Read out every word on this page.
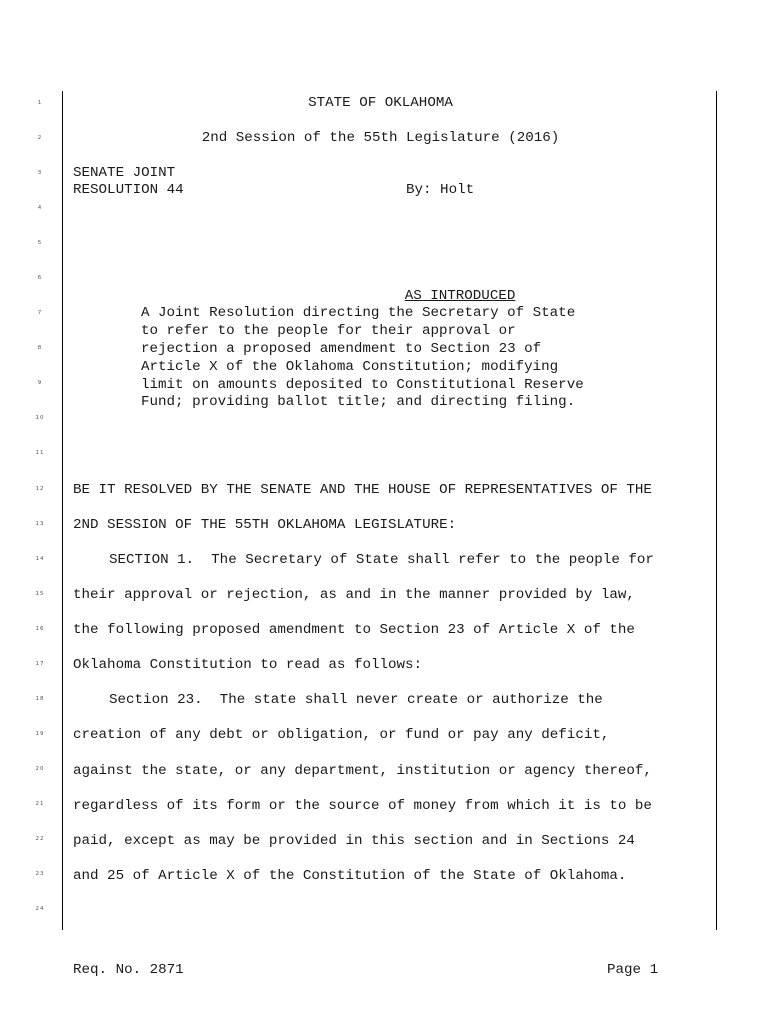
1
2
3
4
5
6
7
8
9
10
11
12
13
14
15
16
17
18
19
20
21
22
23
24
STATE OF OKLAHOMA
2nd Session of the 55th Legislature (2016)
SENATE JOINT
RESOLUTION 44	By: Holt

AS INTRODUCED

A Joint Resolution directing the Secretary of State
to refer to the people for their approval or
rejection a proposed amendment to Section 23 of
Article X of the Oklahoma Constitution; modifying
limit on amounts deposited to Constitutional Reserve
Fund; providing ballot title; and directing filing.
BE IT RESOLVED BY THE SENATE AND THE HOUSE OF REPRESENTATIVES OF THE
2ND SESSION OF THE 55TH OKLAHOMA LEGISLATURE:
SECTION 1.  The Secretary of State shall refer to the people for
their approval or rejection, as and in the manner provided by law,
the following proposed amendment to Section 23 of Article X of the
Oklahoma Constitution to read as follows:
Section 23.  The state shall never create or authorize the
creation of any debt or obligation, or fund or pay any deficit,
against the state, or any department, institution or agency thereof,
regardless of its form or the source of money from which it is to be
paid, except as may be provided in this section and in Sections 24
and 25 of Article X of the Constitution of the State of Oklahoma.
Req. No. 2871	Page 1
